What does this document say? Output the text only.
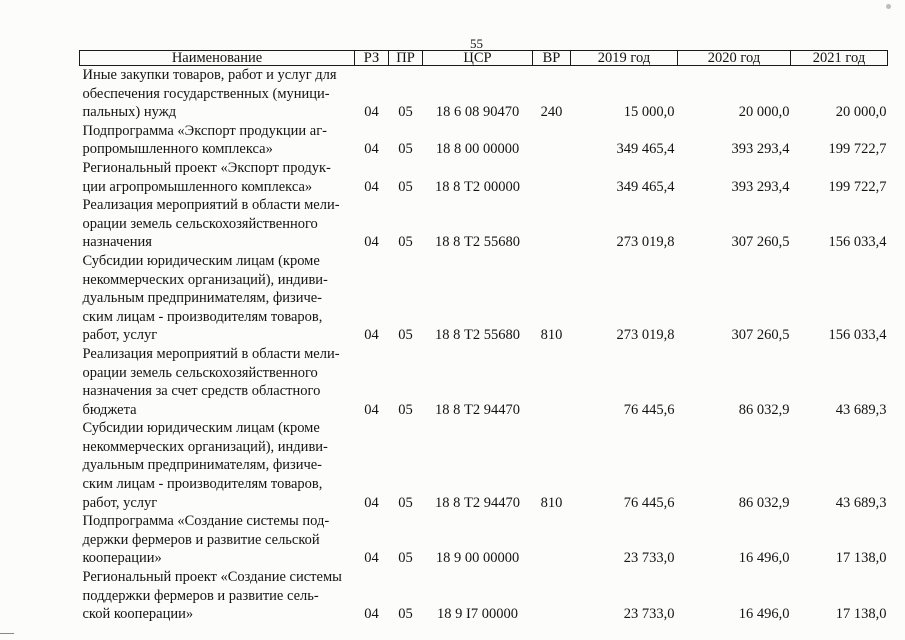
55
Наименование	РЗ	ПР	ЦСР	ВР	2019 год	2020 год	2021 год

Иные закупки товаров, работ и услуг для
обеспечения государственных (муници-
пальных) нужд	04	05	18 6 08 90470	240	15 000,0	20 000,0	20 000,0

Подпрограмма «Экспорт продукции аг-
ропромышленного комплекса»	04	05	18 8 00 00000		349 465,4	393 293,4	199 722,7

Региональный проект «Экспорт продук-
ции агропромышленного комплекса»	04	05	18 8 Т2 00000		349 465,4	393 293,4	199 722,7

Реализация мероприятий в области мели-
орации земель сельскохозяйственного
назначения	04	05	18 8 Т2 55680		273 019,8	307 260,5	156 033,4

Субсидии юридическим лицам (кроме
некоммерческих организаций), индиви-
дуальным предпринимателям, физиче-
ским лицам - производителям товаров,
работ, услуг	04	05	18 8 Т2 55680	810	273 019,8	307 260,5	156 033,4

Реализация мероприятий в области мели-
орации земель сельскохозяйственного
назначения за счет средств областного
бюджета	04	05	18 8 Т2 94470		76 445,6	86 032,9	43 689,3

Субсидии юридическим лицам (кроме
некоммерческих организаций), индиви-
дуальным предпринимателям, физиче-
ским лицам - производителям товаров,
работ, услуг	04	05	18 8 Т2 94470	810	76 445,6	86 032,9	43 689,3

Подпрограмма «Создание системы под-
держки фермеров и развитие сельской
кооперации»	04	05	18 9 00 00000		23 733,0	16 496,0	17 138,0

Региональный проект «Создание системы
поддержки фермеров и развитие сель-
ской кооперации»	04	05	18 9 I7 00000		23 733,0	16 496,0	17 138,0
